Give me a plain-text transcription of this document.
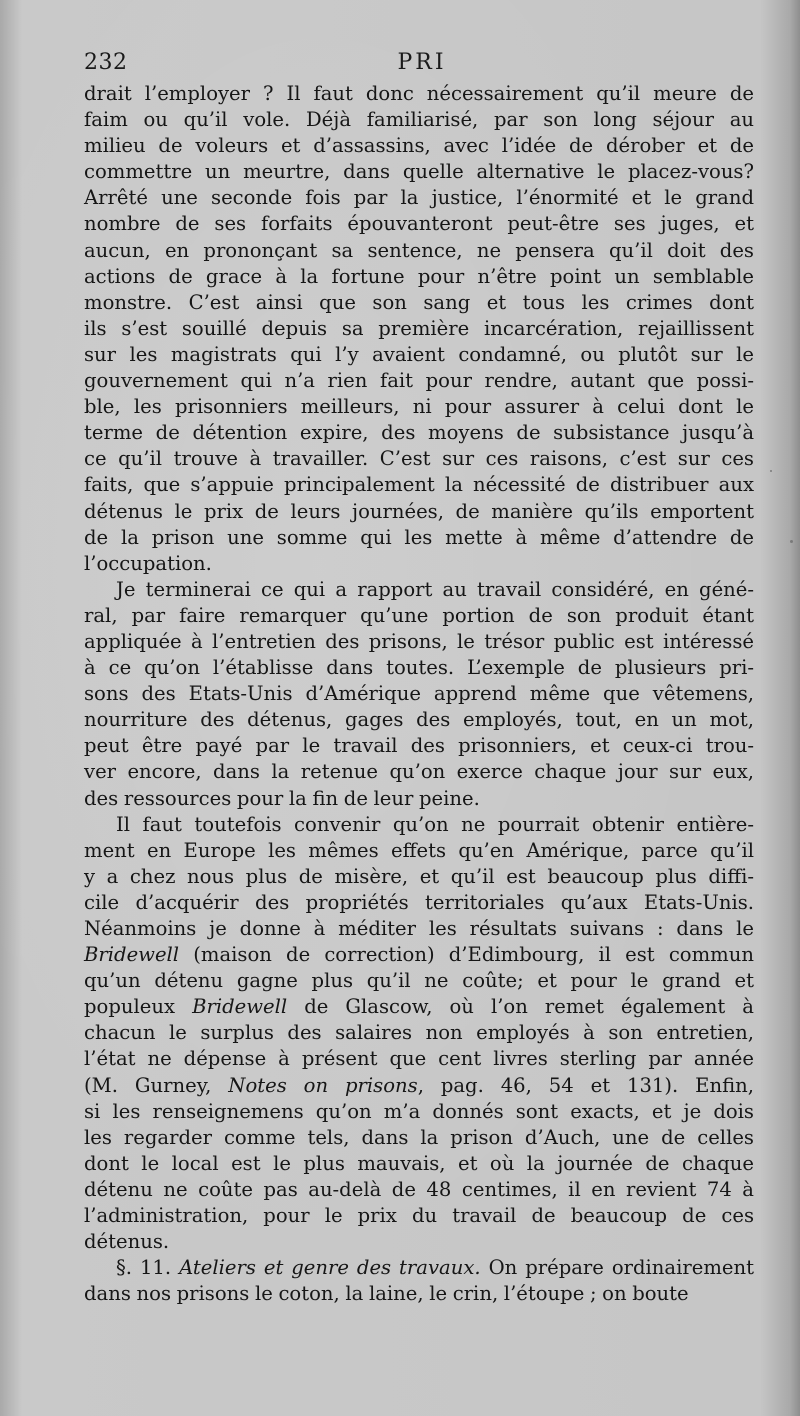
232	PRI
drait l’employer ? Il faut donc nécessairement qu’il meure de
faim ou qu’il vole. Déjà familiarisé, par son long séjour au
milieu de voleurs et d’assassins, avec l’idée de dérober et de
commettre un meurtre, dans quelle alternative le placez-vous?
Arrêté une seconde fois par la justice, l’énormité et le grand
nombre de ses forfaits épouvanteront peut-être ses juges, et
aucun, en prononçant sa sentence, ne pensera qu’il doit des
actions de grace à la fortune pour n’être point un semblable
monstre. C’est ainsi que son sang et tous les crimes dont
ils s’est souillé depuis sa première incarcération, rejaillissent
sur les magistrats qui l’y avaient condamné, ou plutôt sur le
gouvernement qui n’a rien fait pour rendre, autant que possi-
ble, les prisonniers meilleurs, ni pour assurer à celui dont le
terme de détention expire, des moyens de subsistance jusqu’à
ce qu’il trouve à travailler. C’est sur ces raisons, c’est sur ces
faits, que s’appuie principalement la nécessité de distribuer aux
détenus le prix de leurs journées, de manière qu’ils emportent
de la prison une somme qui les mette à même d’attendre de
l’occupation.
Je terminerai ce qui a rapport au travail considéré, en géné-
ral, par faire remarquer qu’une portion de son produit étant
appliquée à l’entretien des prisons, le trésor public est intéressé
à ce qu’on l’établisse dans toutes. L’exemple de plusieurs pri-
sons des Etats-Unis d’Amérique apprend même que vêtemens,
nourriture des détenus, gages des employés, tout, en un mot,
peut être payé par le travail des prisonniers, et ceux-ci trou-
ver encore, dans la retenue qu’on exerce chaque jour sur eux,
des ressources pour la fin de leur peine.
Il faut toutefois convenir qu’on ne pourrait obtenir entière-
ment en Europe les mêmes effets qu’en Amérique, parce qu’il
y a chez nous plus de misère, et qu’il est beaucoup plus diffi-
cile d’acquérir des propriétés territoriales qu’aux Etats-Unis.
Néanmoins je donne à méditer les résultats suivans : dans le
Bridewell (maison de correction) d’Edimbourg, il est commun
qu’un détenu gagne plus qu’il ne coûte; et pour le grand et
populeux Bridewell de Glascow, où l’on remet également à
chacun le surplus des salaires non employés à son entretien,
l’état ne dépense à présent que cent livres sterling par année
(M. Gurney, Notes on prisons, pag. 46, 54 et 131). Enfin,
si les renseignemens qu’on m’a donnés sont exacts, et je dois
les regarder comme tels, dans la prison d’Auch, une de celles
dont le local est le plus mauvais, et où la journée de chaque
détenu ne coûte pas au-delà de 48 centimes, il en revient 74 à
l’administration, pour le prix du travail de beaucoup de ces
détenus.
§. 11. Ateliers et genre des travaux. On prépare ordinairement
dans nos prisons le coton, la laine, le crin, l’étoupe ; on boute
